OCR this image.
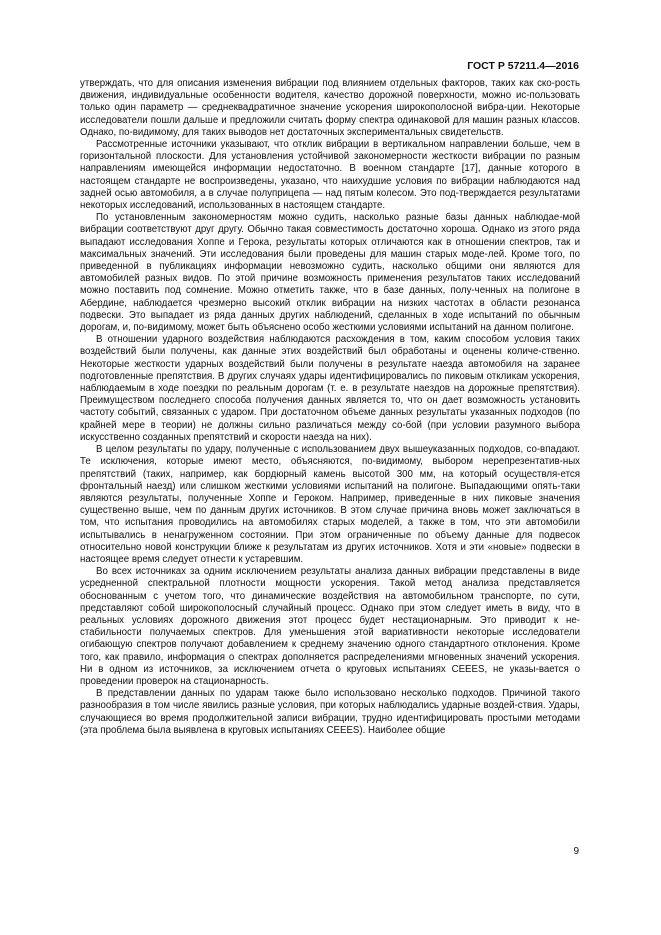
ГОСТ Р 57211.4—2016

утверждать, что для описания изменения вибрации под влиянием отдельных факторов, таких как ско-рость движения, индивидуальные особенности водителя, качество дорожной поверхности, можно ис-пользовать только один параметр — среднеквадратичное значение ускорения широкополосной вибра-ции. Некоторые исследователи пошли дальше и предложили считать форму спектра одинаковой для машин разных классов. Однако, по-видимому, для таких выводов нет достаточных экспериментальных свидетельств.

Рассмотренные источники указывают, что отклик вибрации в вертикальном направлении больше, чем в горизонтальной плоскости. Для установления устойчивой закономерности жесткости вибрации по разным направлениям имеющейся информации недостаточно. В военном стандарте [17], данные которого в настоящем стандарте не воспроизведены, указано, что наихудшие условия по вибрации наблюдаются над задней осью автомобиля, а в случае полуприцепа — над пятым колесом. Это под-тверждается результатами некоторых исследований, использованных в настоящем стандарте.

По установленным закономерностям можно судить, насколько разные базы данных наблюдае-мой вибрации соответствуют друг другу. Обычно такая совместимость достаточно хороша. Однако из этого ряда выпадают исследования Хоппе и Герока, результаты которых отличаются как в отношении спектров, так и максимальных значений. Эти исследования были проведены для машин старых моде-лей. Кроме того, по приведенной в публикациях информации невозможно судить, насколько общими они являются для автомобилей разных видов. По этой причине возможность применения результатов таких исследований можно поставить под сомнение. Можно отметить также, что в базе данных, полу-ченных на полигоне в Абердине, наблюдается чрезмерно высокий отклик вибрации на низких частотах в области резонанса подвески. Это выпадает из ряда данных других наблюдений, сделанных в ходе испытаний по обычным дорогам, и, по-видимому, может быть объяснено особо жесткими условиями испытаний на данном полигоне.

В отношении ударного воздействия наблюдаются расхождения в том, каким способом условия таких воздействий были получены, как данные этих воздействий был обработаны и оценены количе-ственно. Некоторые жесткости ударных воздействий были получены в результате наезда автомобиля на заранее подготовленные препятствия. В других случаях удары идентифицировались по пиковым откликам ускорения, наблюдаемым в ходе поездки по реальным дорогам (т. е. в результате наездов на дорожные препятствия). Преимуществом последнего способа получения данных является то, что он дает возможность установить частоту событий, связанных с ударом. При достаточном объеме данных результаты указанных подходов (по крайней мере в теории) не должны сильно различаться между со-бой (при условии разумного выбора искусственно созданных препятствий и скорости наезда на них).

В целом результаты по удару, полученные с использованием двух вышеуказанных подходов, со-впадают. Те исключения, которые имеют место, объясняются, по-видимому, выбором нерепрезентатив-ных препятствий (таких, например, как бордюрный камень высотой 300 мм, на который осуществля-ется фронтальный наезд) или слишком жесткими условиями испытаний на полигоне. Выпадающими опять-таки являются результаты, полученные Хоппе и Героком. Например, приведенные в них пиковые значения существенно выше, чем по данным других источников. В этом случае причина вновь может заключаться в том, что испытания проводились на автомобилях старых моделей, а также в том, что эти автомобили испытывались в ненагруженном состоянии. При этом ограниченные по объему данные для подвесок относительно новой конструкции ближе к результатам из других источников. Хотя и эти «новые» подвески в настоящее время следует отнести к устаревшим.

Во всех источниках за одним исключением результаты анализа данных вибрации представлены в виде усредненной спектральной плотности мощности ускорения. Такой метод анализа представляется обоснованным с учетом того, что динамические воздействия на автомобильном транспорте, по сути, представляют собой широкополосный случайный процесс. Однако при этом следует иметь в виду, что в реальных условиях дорожного движения этот процесс будет нестационарным. Это приводит к не-стабильности получаемых спектров. Для уменьшения этой вариативности некоторые исследователи огибающую спектров получают добавлением к среднему значению одного стандартного отклонения. Кроме того, как правило, информация о спектрах дополняется распределениями мгновенных значений ускорения. Ни в одном из источников, за исключением отчета о круговых испытаниях CEEES, не указы-вается о проведении проверок на стационарность.

В представлении данных по ударам также было использовано несколько подходов. Причиной такого разнообразия в том числе явились разные условия, при которых наблюдались ударные воздей-ствия. Удары, случающиеся во время продолжительной записи вибрации, трудно идентифицировать простыми методами (эта проблема была выявлена в круговых испытаниях CEEES). Наиболее общие

9
